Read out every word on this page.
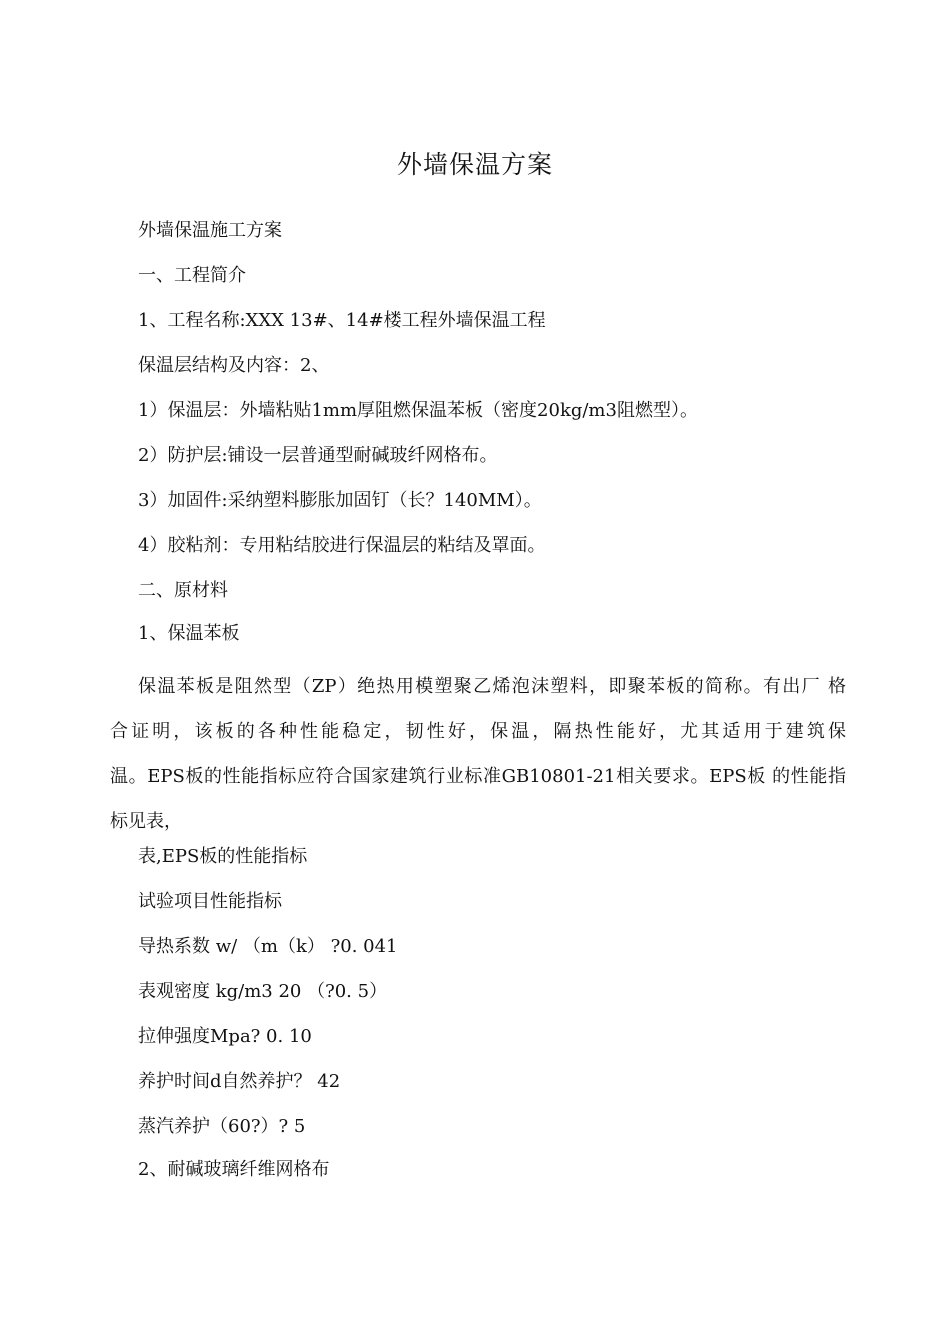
外墙保温方案
外墙保温施工方案
一、工程简介
1、工程名称:XXX 13#、14#楼工程外墙保温工程
保温层结构及内容：2、
1）保温层：外墙粘贴1mm厚阻燃保温苯板（密度20kg/m3阻燃型）。
2）防护层:铺设一层普通型耐碱玻纤网格布。
3）加固件:采纳塑料膨胀加固钉（长？140MM）。
4）胶粘剂：专用粘结胶进行保温层的粘结及罩面。
二、原材料
1、保温苯板
保温苯板是阻然型（ZP）绝热用模塑聚乙烯泡沫塑料，即聚苯板的简称。有出厂 格
合证明，该板的各种性能稳定，韧性好，保温，隔热性能好，尤其适用于建筑保
温。EPS板的性能指标应符合国家建筑行业标准GB10801-21相关要求。EPS板 的性能指
标见表，
表,EPS板的性能指标
试验项目性能指标
导热系数 w/ （m（k） ?0. 041
表观密度 kg/m3 20 （?0. 5）
拉伸强度Mpa? 0. 10
养护时间d自然养护？ 42
蒸汽养护（60?）? 5
2、耐碱玻璃纤维网格布
